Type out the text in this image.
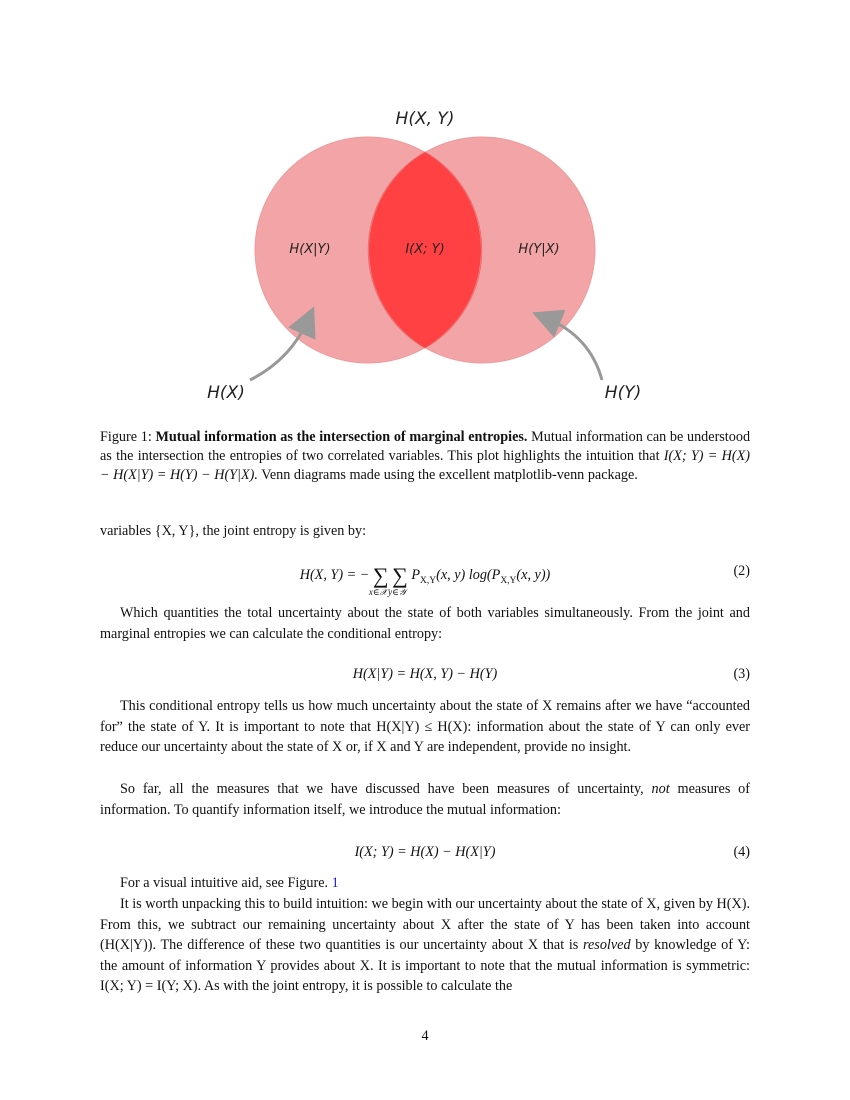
H(X, Y)
H(X|Y)	I(X; Y)	H(Y|X)
H(X)	H(Y)
Figure 1: Mutual information as the intersection of marginal entropies. Mutual information can be understood as the intersection the entropies of two correlated variables. This plot highlights the intuition that I(X; Y) = H(X) − H(X|Y) = H(Y) − H(Y|X). Venn diagrams made using the excellent matplotlib-venn package.

variables {X, Y}, the joint entropy is given by:

H(X, Y) = − ∑
x∈𝒳
∑
y∈𝒴
$P_{X,Y}(x$, y) $\log(P_{X,Y}(x$, y))	(2)

Which quantities the total uncertainty about the state of both variables simultaneously. From the joint and marginal entropies we can calculate the conditional entropy:

H(X|Y) = H(X, Y) − H(Y)	(3)

This conditional entropy tells us how much uncertainty about the state of X remains after we have “accounted for” the state of Y. It is important to note that H(X|Y) ≤ H(X): information about the state of Y can only ever reduce our uncertainty about the state of X or, if X and Y are independent, provide no insight.

So far, all the measures that we have discussed have been measures of uncertainty, not measures of information. To quantify information itself, we introduce the mutual information:

I(X; Y) = H(X) − H(X|Y)	(4)

For a visual intuitive aid, see Figure. 1

It is worth unpacking this to build intuition: we begin with our uncertainty about the state of X, given by H(X). From this, we subtract our remaining uncertainty about X after the state of Y has been taken into account (H(X|Y)). The difference of these two quantities is our uncertainty about X that is resolved by knowledge of Y: the amount of information Y provides about X. It is important to note that the mutual information is symmetric: I(X; Y) = I(Y; X). As with the joint entropy, it is possible to calculate the

4
